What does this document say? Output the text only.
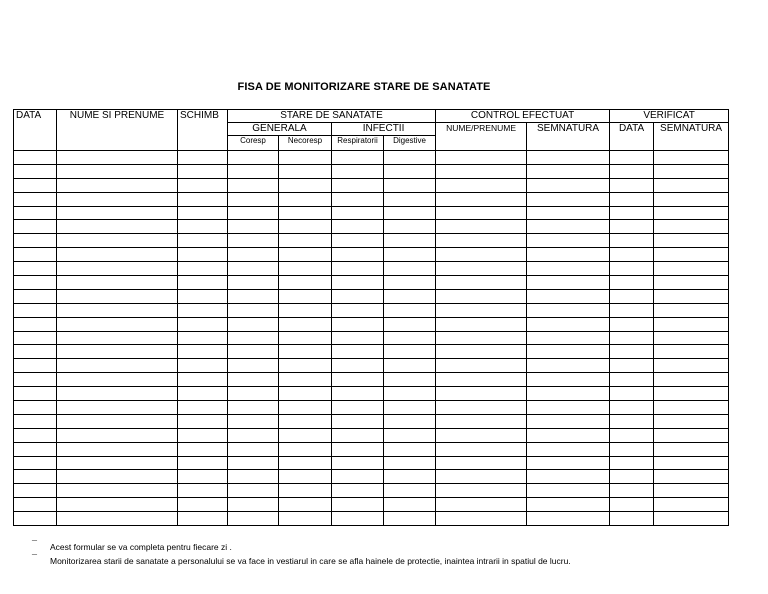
FISA DE MONITORIZARE STARE DE SANATATE
DATA	NUME SI PRENUME	SCHIMB	STARE DE SANATATE				CONTROL EFECTUAT		VERIFICAT	
			GENERALA		INFECTII		NUME/PRENUME	SEMNATURA	DATA	SEMNATURA
			Coresp	Necoresp	Respiratorii	Digestive				

¯ Acest formular se va completa pentru fiecare zi .
¯ Monitorizarea starii de sanatate a personalului se va face in vestiarul in care se afla hainele de protectie, inaintea intrarii in spatiul de lucru.
